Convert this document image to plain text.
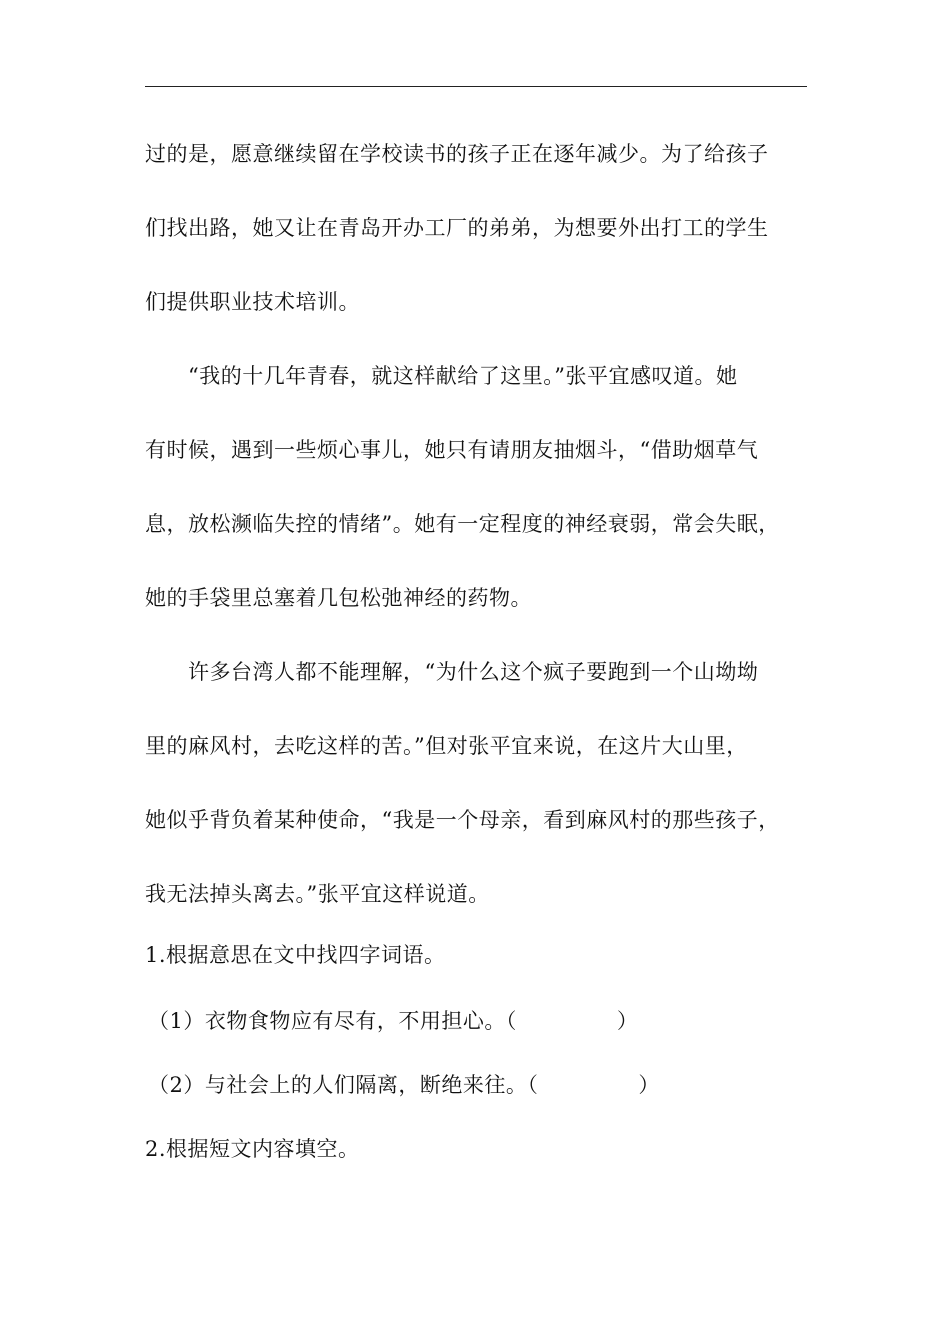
过的是，愿意继续留在学校读书的孩子正在逐年减少。为了给孩子
们找出路，她又让在青岛开办工厂的弟弟，为想要外出打工的学生
们提供职业技术培训。
　　“我的十几年青春，就这样献给了这里。”张平宜感叹道。她
有时候，遇到一些烦心事儿，她只有请朋友抽烟斗，“借助烟草气
息，放松濒临失控的情绪”。她有一定程度的神经衰弱，常会失眠，
她的手袋里总塞着几包松弛神经的药物。
　　许多台湾人都不能理解，“为什么这个疯子要跑到一个山坳坳
里的麻风村，去吃这样的苦。”但对张平宜来说，在这片大山里，
她似乎背负着某种使命，“我是一个母亲，看到麻风村的那些孩子，
我无法掉头离去。”张平宜这样说道。
1.根据意思在文中找四字词语。
（1）衣物食物应有尽有，不用担心。（	）
（2）与社会上的人们隔离，断绝来往。（	）
2.根据短文内容填空。
